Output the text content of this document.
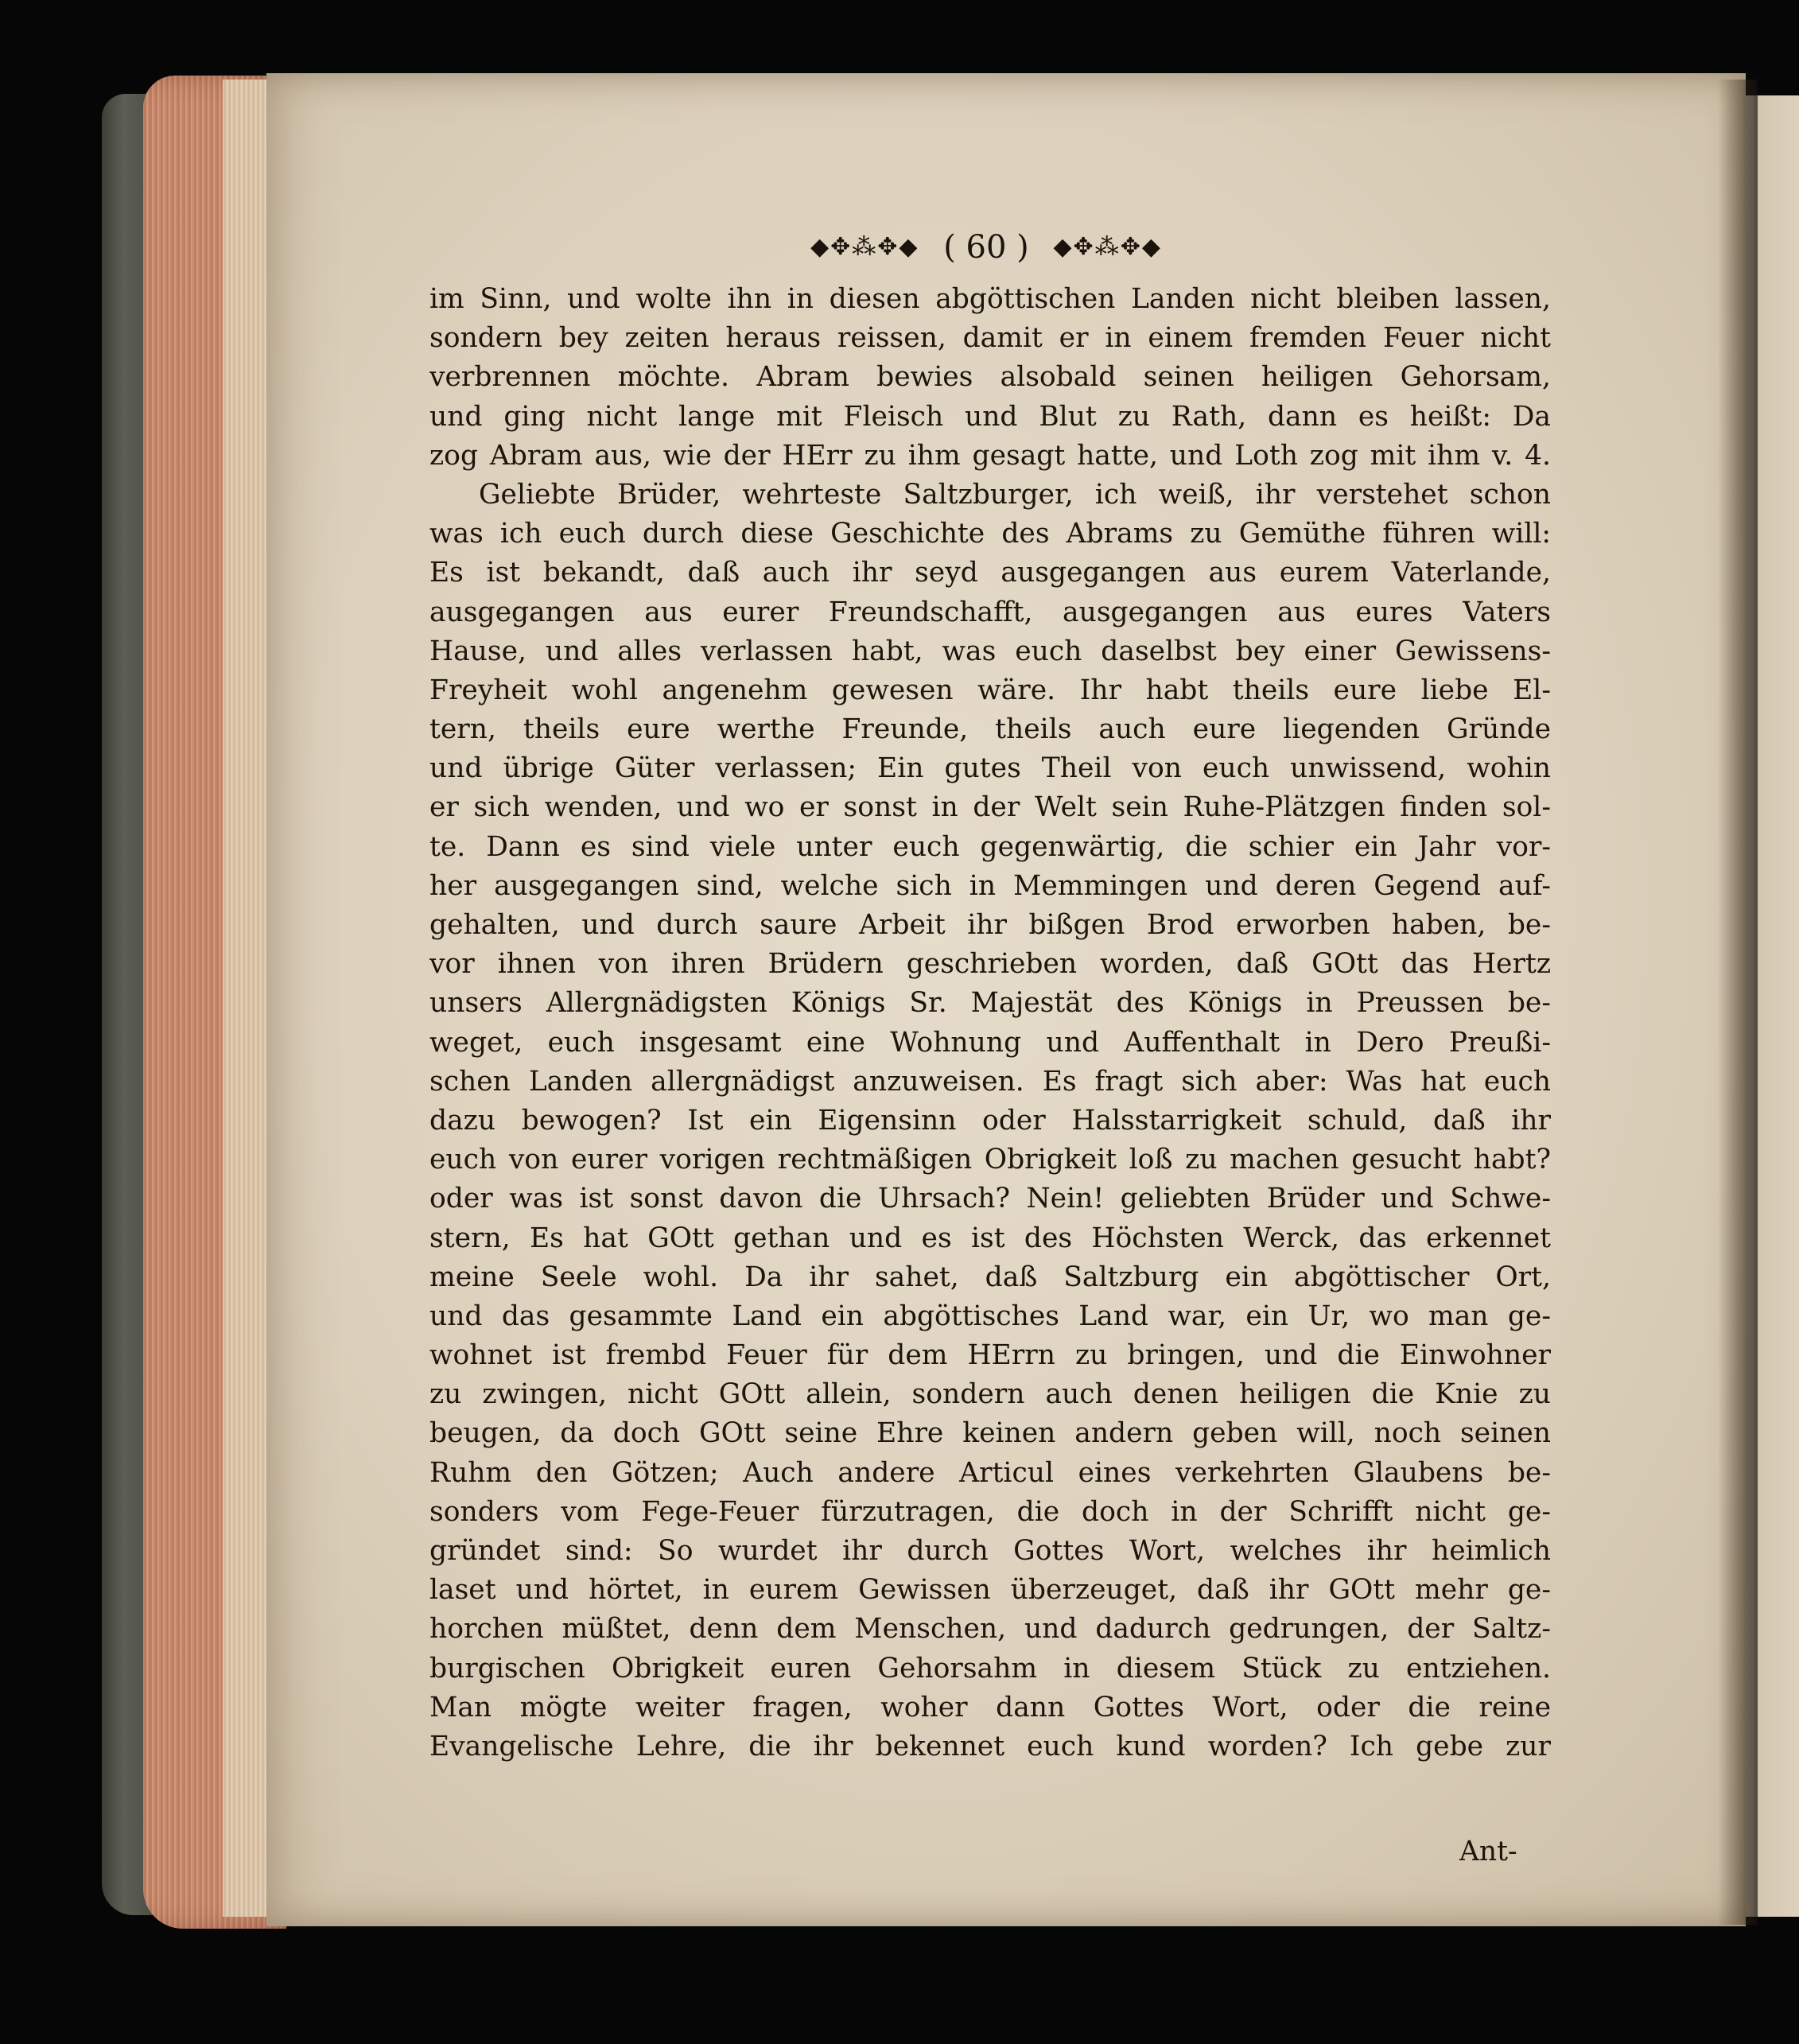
◆✥⁂✥◆ ( 60 ) ◆✥⁂✥◆
im Sinn, und wolte ihn in diesen abgöttischen Landen nicht bleiben lassen,
sondern bey zeiten heraus reissen, damit er in einem fremden Feuer nicht
verbrennen möchte. Abram bewies alsobald seinen heiligen Gehorsam,
und ging nicht lange mit Fleisch und Blut zu Rath, dann es heißt: Da
zog Abram aus, wie der HErr zu ihm gesagt hatte, und Loth zog mit ihm v. 4.
Geliebte Brüder, wehrteste Saltzburger, ich weiß, ihr verstehet schon
was ich euch durch diese Geschichte des Abrams zu Gemüthe führen will:
Es ist bekandt, daß auch ihr seyd ausgegangen aus eurem Vaterlande,
ausgegangen aus eurer Freundschafft, ausgegangen aus eures Vaters
Hause, und alles verlassen habt, was euch daselbst bey einer Gewissens-
Freyheit wohl angenehm gewesen wäre. Ihr habt theils eure liebe El-
tern, theils eure werthe Freunde, theils auch eure liegenden Gründe
und übrige Güter verlassen; Ein gutes Theil von euch unwissend, wohin
er sich wenden, und wo er sonst in der Welt sein Ruhe-Plätzgen finden sol-
te. Dann es sind viele unter euch gegenwärtig, die schier ein Jahr vor-
her ausgegangen sind, welche sich in Memmingen und deren Gegend auf-
gehalten, und durch saure Arbeit ihr bißgen Brod erworben haben, be-
vor ihnen von ihren Brüdern geschrieben worden, daß GOtt das Hertz
unsers Allergnädigsten Königs Sr. Majestät des Königs in Preussen be-
weget, euch insgesamt eine Wohnung und Auffenthalt in Dero Preußi-
schen Landen allergnädigst anzuweisen. Es fragt sich aber: Was hat euch
dazu bewogen? Ist ein Eigensinn oder Halsstarrigkeit schuld, daß ihr
euch von eurer vorigen rechtmäßigen Obrigkeit loß zu machen gesucht habt?
oder was ist sonst davon die Uhrsach? Nein! geliebten Brüder und Schwe-
stern, Es hat GOtt gethan und es ist des Höchsten Werck, das erkennet
meine Seele wohl. Da ihr sahet, daß Saltzburg ein abgöttischer Ort,
und das gesammte Land ein abgöttisches Land war, ein Ur, wo man ge-
wohnet ist frembd Feuer für dem HErrn zu bringen, und die Einwohner
zu zwingen, nicht GOtt allein, sondern auch denen heiligen die Knie zu
beugen, da doch GOtt seine Ehre keinen andern geben will, noch seinen
Ruhm den Götzen; Auch andere Articul eines verkehrten Glaubens be-
sonders vom Fege-Feuer fürzutragen, die doch in der Schrifft nicht ge-
gründet sind: So wurdet ihr durch Gottes Wort, welches ihr heimlich
laset und hörtet, in eurem Gewissen überzeuget, daß ihr GOtt mehr ge-
horchen müßtet, denn dem Menschen, und dadurch gedrungen, der Saltz-
burgischen Obrigkeit euren Gehorsahm in diesem Stück zu entziehen.
Man mögte weiter fragen, woher dann Gottes Wort, oder die reine
Evangelische Lehre, die ihr bekennet euch kund worden? Ich gebe zur
Ant-
